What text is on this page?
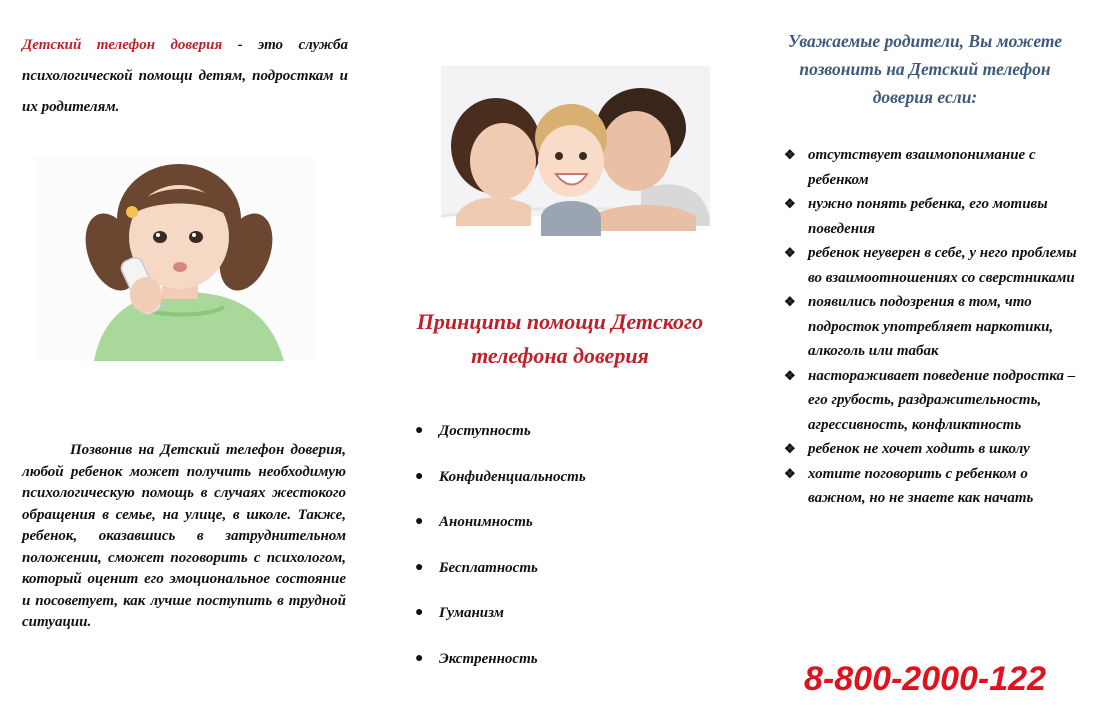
Детский телефон доверия - это служба психологической помощи детям, подросткам и их родителям.
Позвонив на Детский телефон доверия, любой ребенок может получить необходимую психологическую помощь в случаях жестокого обращения в семье, на улице, в школе. Также, ребенок, оказавшись в затруднительном положении, сможет поговорить с психологом, который оценит его эмоциональное состояние и посоветует, как лучше поступить в трудной ситуации.
Принципы помощи Детского телефона доверия
●	Доступность
●	Конфиденциальность
●	Анонимность
●	Бесплатность
●	Гуманизм
●	Экстренность
Уважаемые родители, Вы можете позвонить на Детский телефон доверия если:
❖ отсутствует взаимопонимание с ребенком
❖ нужно понять ребенка, его мотивы поведения
❖ ребенок неуверен в себе, у него проблемы во взаимоотношениях со сверстниками
❖ появились подозрения в том, что подросток употребляет наркотики, алкоголь или табак
❖ настораживает поведение подростка – его грубость, раздражительность, агрессивность, конфликтность
❖ ребенок не хочет ходить в школу
❖ хотите поговорить с ребенком о важном, но не знаете как начать
8-800-2000-122
